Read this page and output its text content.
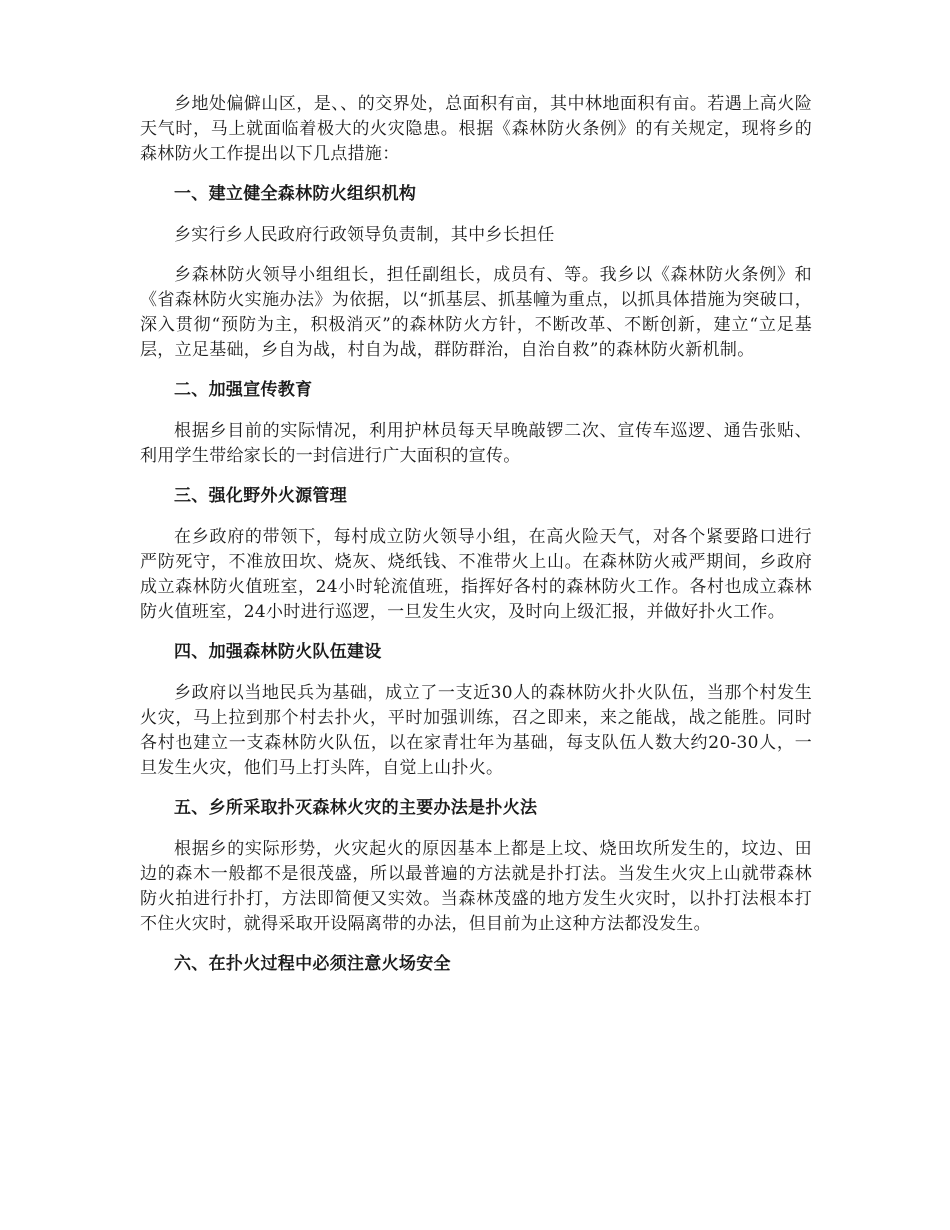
乡地处偏僻山区，是、、的交界处，总面积有亩，其中林地面积有亩。若遇上高火险天气时，马上就面临着极大的火灾隐患。根据《森林防火条例》的有关规定，现将乡的森林防火工作提出以下几点措施：

一、建立健全森林防火组织机构

乡实行乡人民政府行政领导负责制，其中乡长担任

乡森林防火领导小组组长，担任副组长，成员有、等。我乡以《森林防火条例》和《省森林防火实施办法》为依据，以“抓基层、抓基幢为重点，以抓具体措施为突破口，深入贯彻“预防为主，积极消灭”的森林防火方针，不断改革、不断创新，建立“立足基层，立足基础，乡自为战，村自为战，群防群治，自治自救”的森林防火新机制。

二、加强宣传教育

根据乡目前的实际情况，利用护林员每天早晚敲锣二次、宣传车巡逻、通告张贴、利用学生带给家长的一封信进行广大面积的宣传。

三、强化野外火源管理

在乡政府的带领下，每村成立防火领导小组，在高火险天气，对各个紧要路口进行严防死守，不准放田坎、烧灰、烧纸钱、不准带火上山。在森林防火戒严期间，乡政府成立森林防火值班室，24小时轮流值班，指挥好各村的森林防火工作。各村也成立森林防火值班室，24小时进行巡逻，一旦发生火灾，及时向上级汇报，并做好扑火工作。

四、加强森林防火队伍建设

乡政府以当地民兵为基础，成立了一支近30人的森林防火扑火队伍，当那个村发生火灾，马上拉到那个村去扑火，平时加强训练，召之即来，来之能战，战之能胜。同时各村也建立一支森林防火队伍，以在家青壮年为基础，每支队伍人数大约20-30人，一旦发生火灾，他们马上打头阵，自觉上山扑火。

五、乡所采取扑灭森林火灾的主要办法是扑火法

根据乡的实际形势，火灾起火的原因基本上都是上坟、烧田坎所发生的，坟边、田边的森木一般都不是很茂盛，所以最普遍的方法就是扑打法。当发生火灾上山就带森林防火拍进行扑打，方法即简便又实效。当森林茂盛的地方发生火灾时，以扑打法根本打不住火灾时，就得采取开设隔离带的办法，但目前为止这种方法都没发生。

六、在扑火过程中必须注意火场安全
